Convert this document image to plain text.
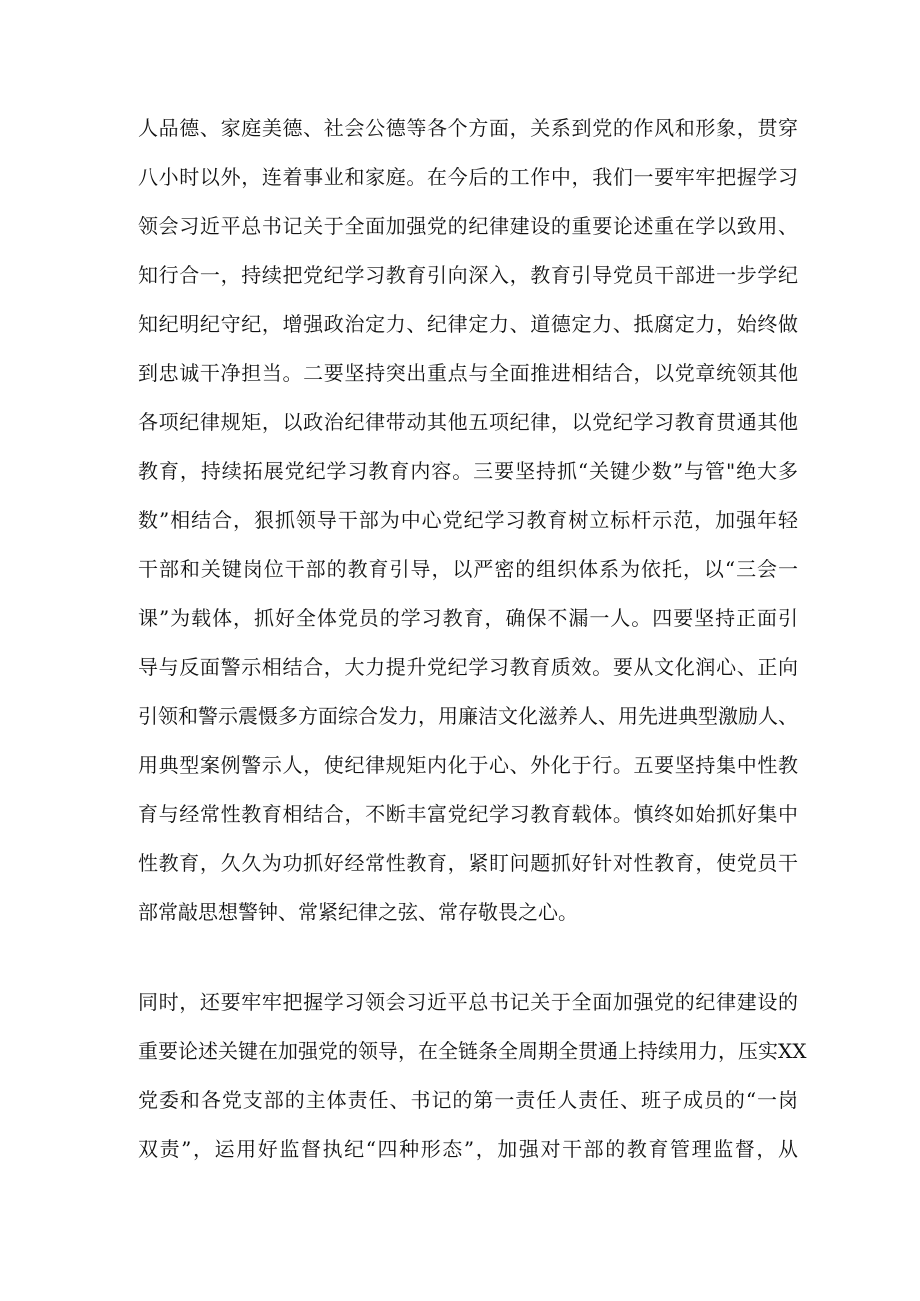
人品德、家庭美德、社会公德等各个方面，关系到党的作风和形象，贯穿
八小时以外，连着事业和家庭。在今后的工作中，我们一要牢牢把握学习
领会习近平总书记关于全面加强党的纪律建设的重要论述重在学以致用、
知行合一，持续把党纪学习教育引向深入，教育引导党员干部进一步学纪
知纪明纪守纪，增强政治定力、纪律定力、道德定力、抵腐定力，始终做
到忠诚干净担当。二要坚持突出重点与全面推进相结合，以党章统领其他
各项纪律规矩，以政治纪律带动其他五项纪律，以党纪学习教育贯通其他
教育，持续拓展党纪学习教育内容。三要坚持抓“关键少数”与管"绝大多
数”相结合，狠抓领导干部为中心党纪学习教育树立标杆示范，加强年轻
干部和关键岗位干部的教育引导，以严密的组织体系为依托，以“三会一
课”为载体，抓好全体党员的学习教育，确保不漏一人。四要坚持正面引
导与反面警示相结合，大力提升党纪学习教育质效。要从文化润心、正向
引领和警示震慑多方面综合发力，用廉洁文化滋养人、用先进典型激励人、
用典型案例警示人，使纪律规矩内化于心、外化于行。五要坚持集中性教
育与经常性教育相结合，不断丰富党纪学习教育载体。慎终如始抓好集中
性教育，久久为功抓好经常性教育，紧盯问题抓好针对性教育，使党员干
部常敲思想警钟、常紧纪律之弦、常存敬畏之心。
同时，还要牢牢把握学习领会习近平总书记关于全面加强党的纪律建设的
重要论述关键在加强党的领导，在全链条全周期全贯通上持续用力，压实XX
党委和各党支部的主体责任、书记的第一责任人责任、班子成员的“一岗
双责”，运用好监督执纪“四种形态”，加强对干部的教育管理监督，从
